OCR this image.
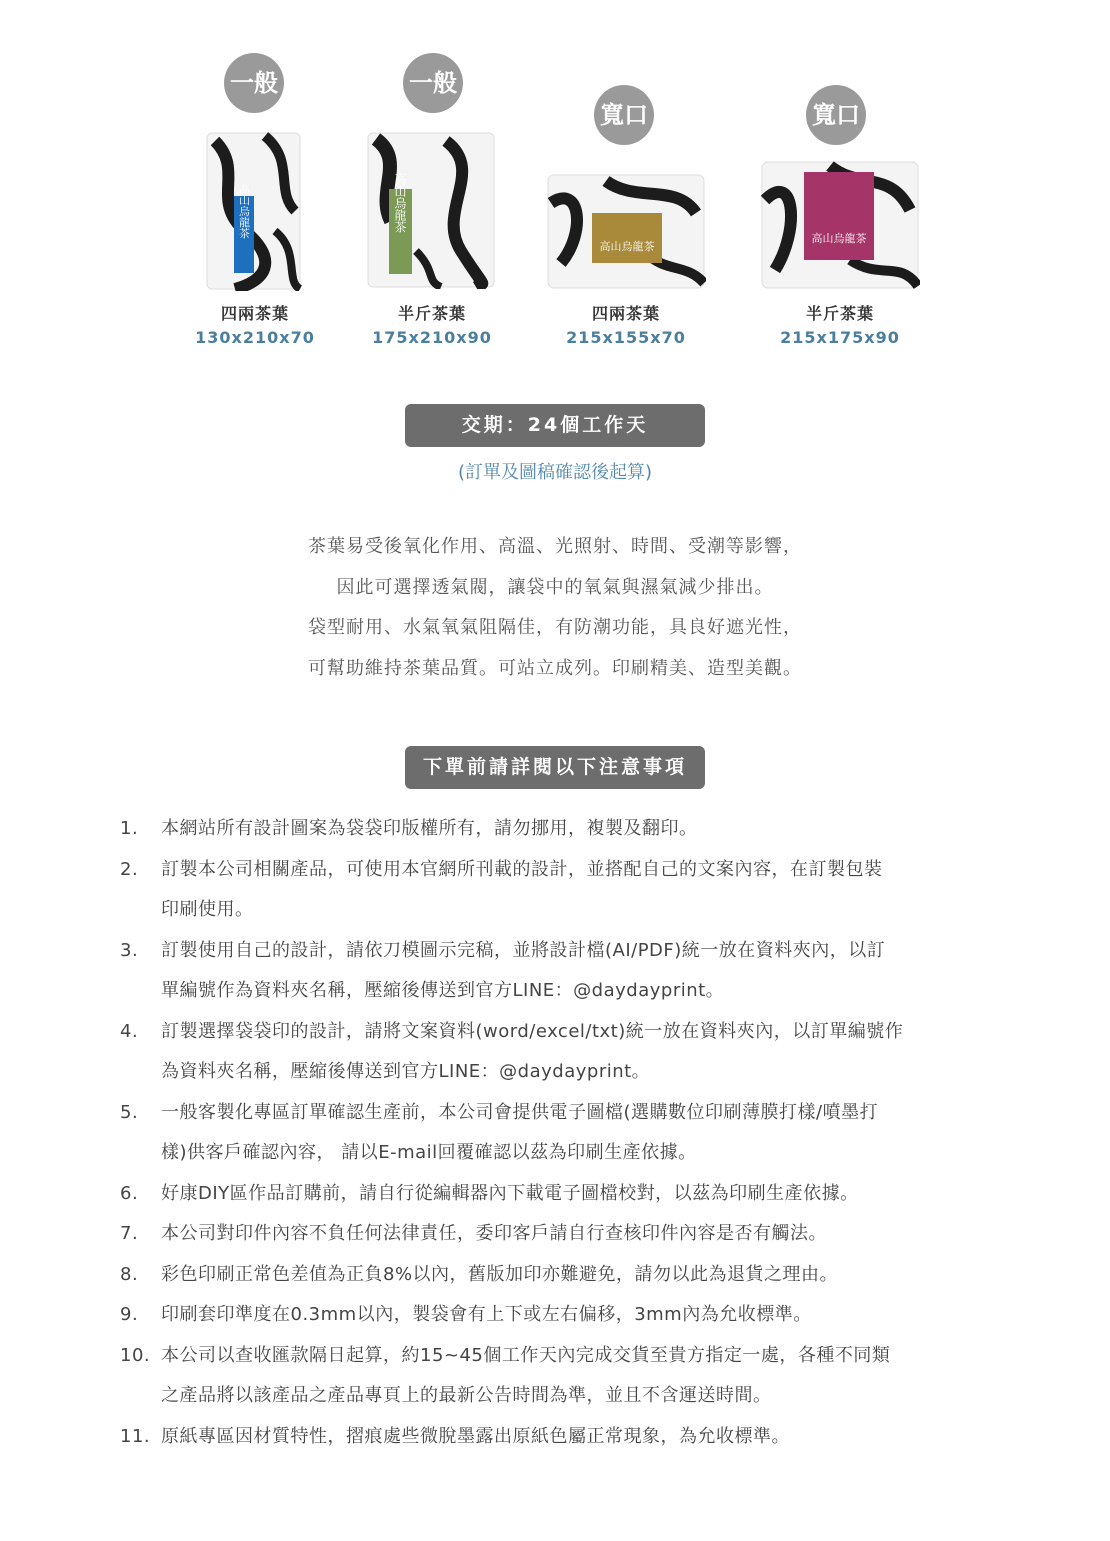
一般
高山烏龍茶
四兩茶葉
130x210x70
一般
高山烏龍茶
半斤茶葉
175x210x90
寬口
高山烏龍茶
四兩茶葉
215x155x70
寬口
高山烏龍茶
半斤茶葉
215x175x90
交期：24個工作天
(訂單及圖稿確認後起算)
茶葉易受後氧化作用、高溫、光照射、時間、受潮等影響，
因此可選擇透氣閥，讓袋中的氧氣與濕氣減少排出。
袋型耐用、水氣氧氣阻隔佳，有防潮功能，具良好遮光性，
可幫助維持茶葉品質。可站立成列。印刷精美、造型美觀。
下單前請詳閱以下注意事項
1. 本網站所有設計圖案為袋袋印版權所有，請勿挪用，複製及翻印。
2. 訂製本公司相關產品，可使用本官網所刊載的設計，並搭配自己的文案內容，在訂製包裝
印刷使用。
3. 訂製使用自己的設計，請依刀模圖示完稿，並將設計檔(AI/PDF)統一放在資料夾內，以訂
單編號作為資料夾名稱，壓縮後傳送到官方LINE：@daydayprint。
4. 訂製選擇袋袋印的設計，請將文案資料(word/excel/txt)統一放在資料夾內，以訂單編號作
為資料夾名稱，壓縮後傳送到官方LINE：@daydayprint。
5. 一般客製化專區訂單確認生產前，本公司會提供電子圖檔(選購數位印刷薄膜打樣/噴墨打
樣)供客戶確認內容， 請以E-mail回覆確認以茲為印刷生產依據。
6. 好康DIY區作品訂購前，請自行從編輯器內下載電子圖檔校對，以茲為印刷生產依據。
7. 本公司對印件內容不負任何法律責任，委印客戶請自行查核印件內容是否有觸法。
8. 彩色印刷正常色差值為正負8%以內，舊版加印亦難避免，請勿以此為退貨之理由。
9. 印刷套印準度在0.3mm以內，製袋會有上下或左右偏移，3mm內為允收標準。
10. 本公司以查收匯款隔日起算，約15~45個工作天內完成交貨至貴方指定一處，各種不同類
之產品將以該產品之產品專頁上的最新公告時間為準，並且不含運送時間。
11. 原紙專區因材質特性，摺痕處些微脫墨露出原紙色屬正常現象，為允收標準。
